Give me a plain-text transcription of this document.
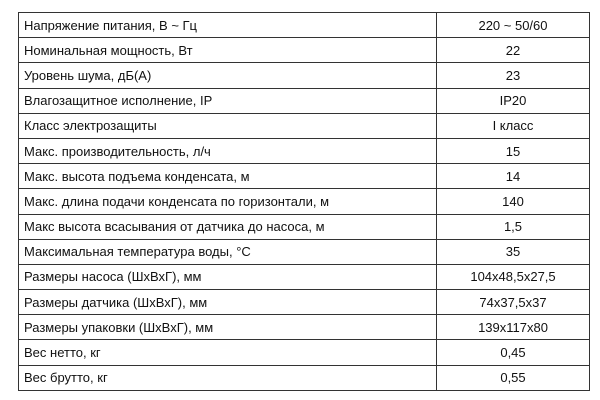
Напряжение питания, В ~ Гц	220 ~ 50/60
Номинальная мощность, Вт	22
Уровень шума, дБ(А)	23
Влагозащитное исполнение, IP	IP20
Класс электрозащиты	I класс
Макс. производительность, л/ч	15
Макс. высота подъема конденсата, м	14
Макс. длина подачи конденсата по горизонтали, м	140
Макс высота всасывания от датчика до насоса, м	1,5
Максимальная температура воды, °С	35
Размеры насоса (ШхВхГ), мм	104х48,5х27,5
Размеры датчика (ШхВхГ), мм	74х37,5х37
Размеры упаковки (ШхВхГ), мм	139х117х80
Вес нетто, кг	0,45
Вес брутто, кг	0,55
